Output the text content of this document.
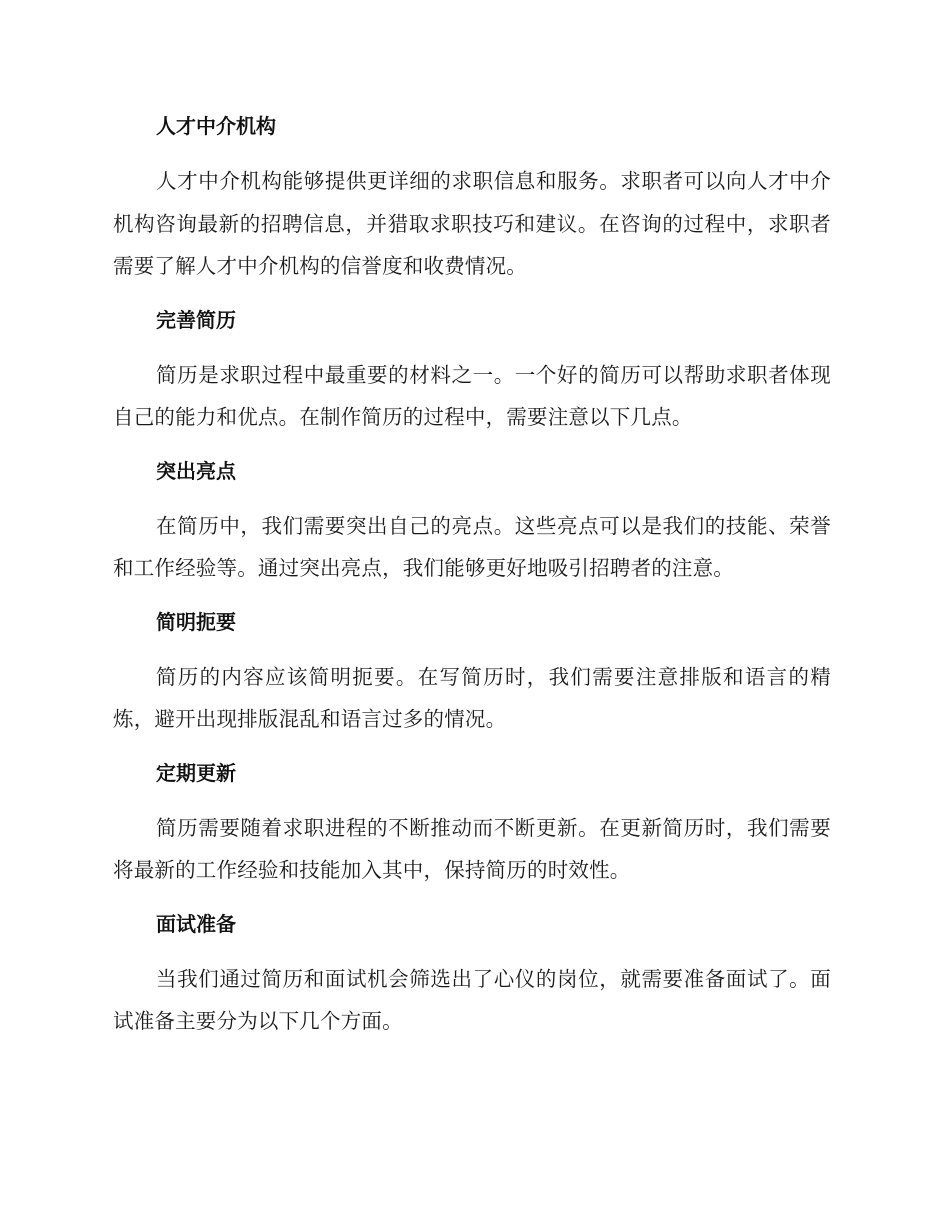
人才中介机构

人才中介机构能够提供更详细的求职信息和服务。求职者可以向人才中介机构咨询最新的招聘信息，并猎取求职技巧和建议。在咨询的过程中，求职者需要了解人才中介机构的信誉度和收费情况。

完善简历

简历是求职过程中最重要的材料之一。一个好的简历可以帮助求职者体现自己的能力和优点。在制作简历的过程中，需要注意以下几点。

突出亮点

在简历中，我们需要突出自己的亮点。这些亮点可以是我们的技能、荣誉和工作经验等。通过突出亮点，我们能够更好地吸引招聘者的注意。

简明扼要

简历的内容应该简明扼要。在写简历时，我们需要注意排版和语言的精炼，避开出现排版混乱和语言过多的情况。

定期更新

简历需要随着求职进程的不断推动而不断更新。在更新简历时，我们需要将最新的工作经验和技能加入其中，保持简历的时效性。

面试准备

当我们通过简历和面试机会筛选出了心仪的岗位，就需要准备面试了。面试准备主要分为以下几个方面。
